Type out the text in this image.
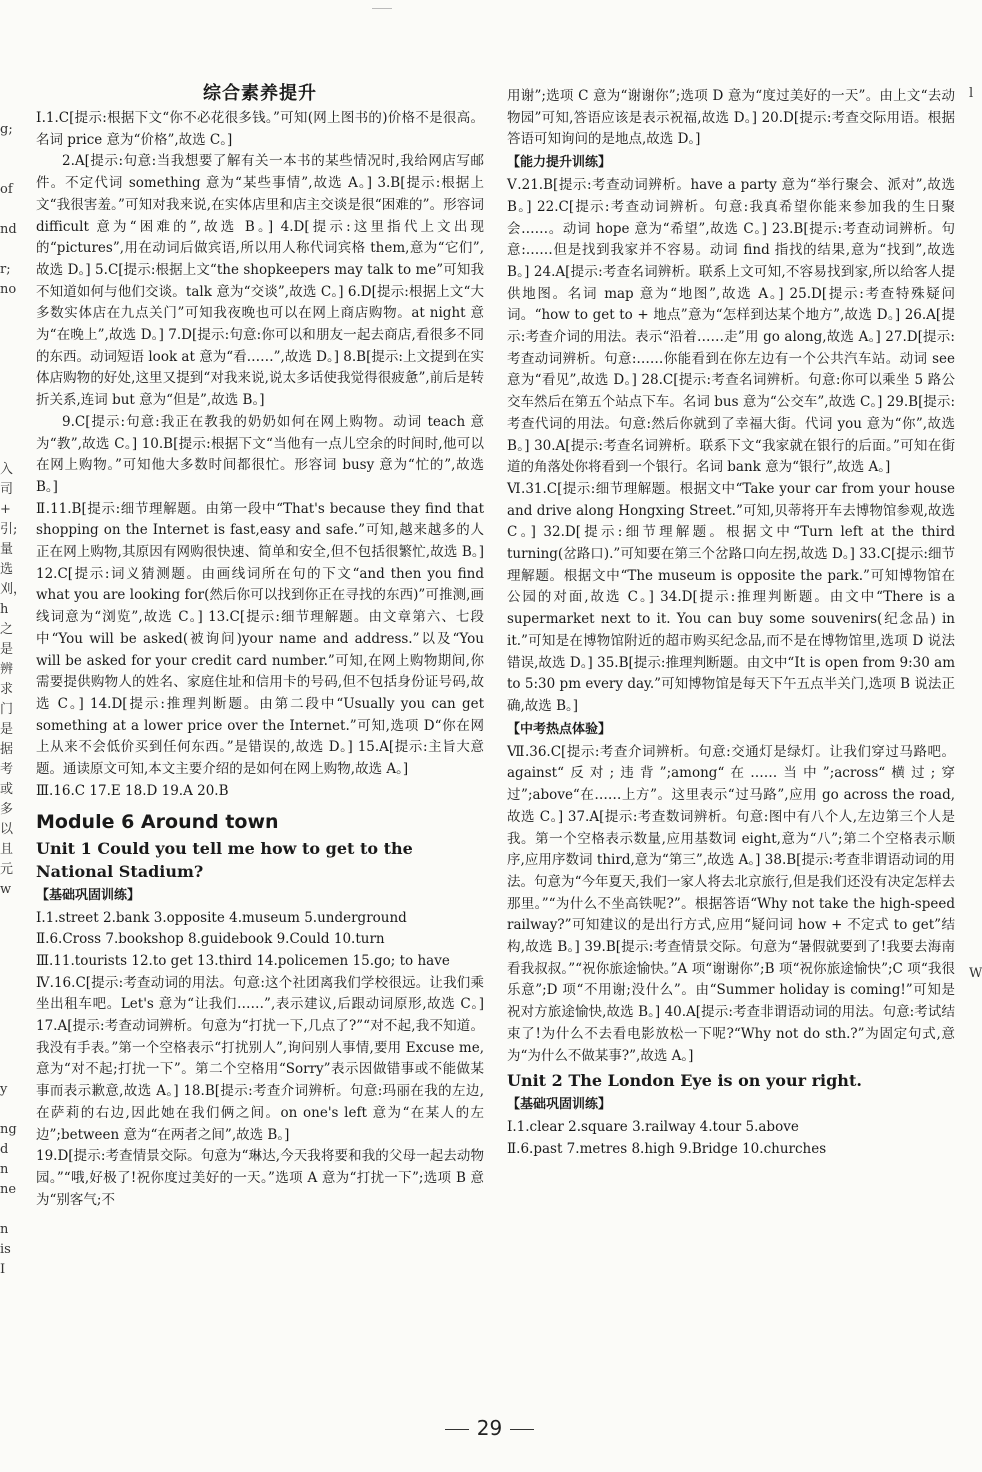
g;

of

nd

r;
no

入
司
+
引;
量
选
刈，
h
之
是
辨
求
门
是
据
考
或
多
以
且
元
w

y

ng
d
n
ne

n
is
I
l
W
综合素养提升

Ⅰ.1.C[提示:根据下文“你不必花很多钱。”可知(网上图书的)价格不是很高。名词 price 意为“价格”,故选 C。]

2.A[提示:句意:当我想要了解有关一本书的某些情况时,我给网店写邮件。不定代词 something 意为“某些事情”,故选 A。] 3.B[提示:根据上文“我很害羞。”可知对我来说,在实体店里和店主交谈是很“困难的”。形容词 difficult 意为“困难的”,故选 B。] 4.D[提示:这里指代上文出现的“pictures”,用在动词后做宾语,所以用人称代词宾格 them,意为“它们”,故选 D。] 5.C[提示:根据上文“the shopkeepers may talk to me”可知我不知道如何与他们交谈。talk 意为“交谈”,故选 C。] 6.D[提示:根据上文“大多数实体店在九点关门”可知我夜晚也可以在网上商店购物。at night 意为“在晚上”,故选 D。] 7.D[提示:句意:你可以和朋友一起去商店,看很多不同的东西。动词短语 look at 意为“看……”,故选 D。] 8.B[提示:上文提到在实体店购物的好处,这里又提到“对我来说,说太多话使我觉得很疲惫”,前后是转折关系,连词 but 意为“但是”,故选 B。]

9.C[提示:句意:我正在教我的奶奶如何在网上购物。动词 teach 意为“教”,故选 C。] 10.B[提示:根据下文“当他有一点儿空余的时间时,他可以在网上购物。”可知他大多数时间都很忙。形容词 busy 意为“忙的”,故选 B。]

Ⅱ.11.B[提示:细节理解题。由第一段中“That's because they find that shopping on the Internet is fast,easy and safe.”可知,越来越多的人正在网上购物,其原因有网购很快速、简单和安全,但不包括很繁忙,故选 B。] 12.C[提示:词义猜测题。由画线词所在句的下文“and then you find what you are looking for(然后你可以找到你正在寻找的东西)”可推测,画线词意为“浏览”,故选 C。] 13.C[提示:细节理解题。由文章第六、七段中“You will be asked(被询问)your name and address.”以及“You will be asked for your credit card number.”可知,在网上购物期间,你需要提供购物人的姓名、家庭住址和信用卡的号码,但不包括身份证号码,故选 C。] 14.D[提示:推理判断题。由第二段中“Usually you can get something at a lower price over the Internet.”可知,选项 D“你在网上从来不会低价买到任何东西。”是错误的,故选 D。] 15.A[提示:主旨大意题。通读原文可知,本文主要介绍的是如何在网上购物,故选 A。]

Ⅲ.16.C 17.E 18.D 19.A 20.B

Module 6 Around town
Unit 1 Could you tell me how to get to the National Stadium?
【基础巩固训练】
Ⅰ.1.street 2.bank 3.opposite 4.museum 5.underground
Ⅱ.6.Cross 7.bookshop 8.guidebook 9.Could 10.turn
Ⅲ.11.tourists 12.to get 13.third 14.policemen 15.go; to have

Ⅳ.16.C[提示:考查动词的用法。句意:这个社团离我们学校很远。让我们乘坐出租车吧。Let's 意为“让我们……”,表示建议,后跟动词原形,故选 C。] 17.A[提示:考查动词辨析。句意为“打扰一下,几点了?”“对不起,我不知道。我没有手表。”第一个空格表示“打扰别人”,询问别人事情,要用 Excuse me,意为“对不起;打扰一下”。第二个空格用“Sorry”表示因做错事或不能做某事而表示歉意,故选 A。] 18.B[提示:考查介词辨析。句意:玛丽在我的左边,在萨莉的右边,因此她在我们俩之间。on one's left 意为“在某人的左边”;between 意为“在两者之间”,故选 B。]

19.D[提示:考查情景交际。句意为“琳达,今天我将要和我的父母一起去动物园。”“哦,好极了!祝你度过美好的一天。”选项 A 意为“打扰一下”;选项 B 意为“别客气;不

用谢”;选项 C 意为“谢谢你”;选项 D 意为“度过美好的一天”。由上文“去动物园”可知,答语应该是表示祝福,故选 D。] 20.D[提示:考查交际用语。根据答语可知询问的是地点,故选 D。]

【能力提升训练】

Ⅴ.21.B[提示:考查动词辨析。have a party 意为“举行聚会、派对”,故选 B。] 22.C[提示:考查动词辨析。句意:我真希望你能来参加我的生日聚会……。动词 hope 意为“希望”,故选 C。] 23.B[提示:考查动词辨析。句意:……但是找到我家并不容易。动词 find 指找的结果,意为“找到”,故选 B。] 24.A[提示:考查名词辨析。联系上文可知,不容易找到家,所以给客人提供地图。名词 map 意为“地图”,故选 A。] 25.D[提示:考查特殊疑问词。“how to get to + 地点”意为“怎样到达某个地方”,故选 D。] 26.A[提示:考查介词的用法。表示“沿着……走”用 go along,故选 A。] 27.D[提示:考查动词辨析。句意:……你能看到在你左边有一个公共汽车站。动词 see 意为“看见”,故选 D。] 28.C[提示:考查名词辨析。句意:你可以乘坐 5 路公交车然后在第五个站点下车。名词 bus 意为“公交车”,故选 C。] 29.B[提示:考查代词的用法。句意:然后你就到了幸福大街。代词 you 意为“你”,故选 B。] 30.A[提示:考查名词辨析。联系下文“我家就在银行的后面。”可知在街道的角落处你将看到一个银行。名词 bank 意为“银行”,故选 A。]

Ⅵ.31.C[提示:细节理解题。根据文中“Take your car from your house and drive along Hongxing Street.”可知,贝蒂将开车去博物馆参观,故选 C。] 32.D[提示:细节理解题。根据文中“Turn left at the third turning(岔路口).”可知要在第三个岔路口向左拐,故选 D。] 33.C[提示:细节理解题。根据文中“The museum is opposite the park.”可知博物馆在公园的对面,故选 C。] 34.D[提示:推理判断题。由文中“There is a supermarket next to it. You can buy some souvenirs(纪念品) in it.”可知是在博物馆附近的超市购买纪念品,而不是在博物馆里,选项 D 说法错误,故选 D。] 35.B[提示:推理判断题。由文中“It is open from 9:30 am to 5:30 pm every day.”可知博物馆是每天下午五点半关门,选项 B 说法正确,故选 B。]

【中考热点体验】

Ⅶ.36.C[提示:考查介词辨析。句意:交通灯是绿灯。让我们穿过马路吧。against“反对;违背”;among“在……当中”;across“横过;穿过”;above“在……上方”。这里表示“过马路”,应用 go across the road,故选 C。] 37.A[提示:考查数词辨析。句意:图中有八个人,左边第三个人是我。第一个空格表示数量,应用基数词 eight,意为“八”;第二个空格表示顺序,应用序数词 third,意为“第三”,故选 A。] 38.B[提示:考查非谓语动词的用法。句意为“今年夏天,我们一家人将去北京旅行,但是我们还没有决定怎样去那里。”“为什么不坐高铁呢?”。根据答语“Why not take the high-speed railway?”可知建议的是出行方式,应用“疑问词 how + 不定式 to get”结构,故选 B。] 39.B[提示:考查情景交际。句意为“暑假就要到了!我要去海南看我叔叔。”“祝你旅途愉快。”A 项“谢谢你”;B 项“祝你旅途愉快”;C 项“我很乐意”;D 项“不用谢;没什么”。由“Summer holiday is coming!”可知是祝对方旅途愉快,故选 B。] 40.A[提示:考查非谓语动词的用法。句意:考试结束了!为什么不去看电影放松一下呢?“Why not do sth.?”为固定句式,意为“为什么不做某事?”,故选 A。]

Unit 2 The London Eye is on your right.
【基础巩固训练】
Ⅰ.1.clear 2.square 3.railway 4.tour 5.above
Ⅱ.6.past 7.metres 8.high 9.Bridge 10.churches
29
